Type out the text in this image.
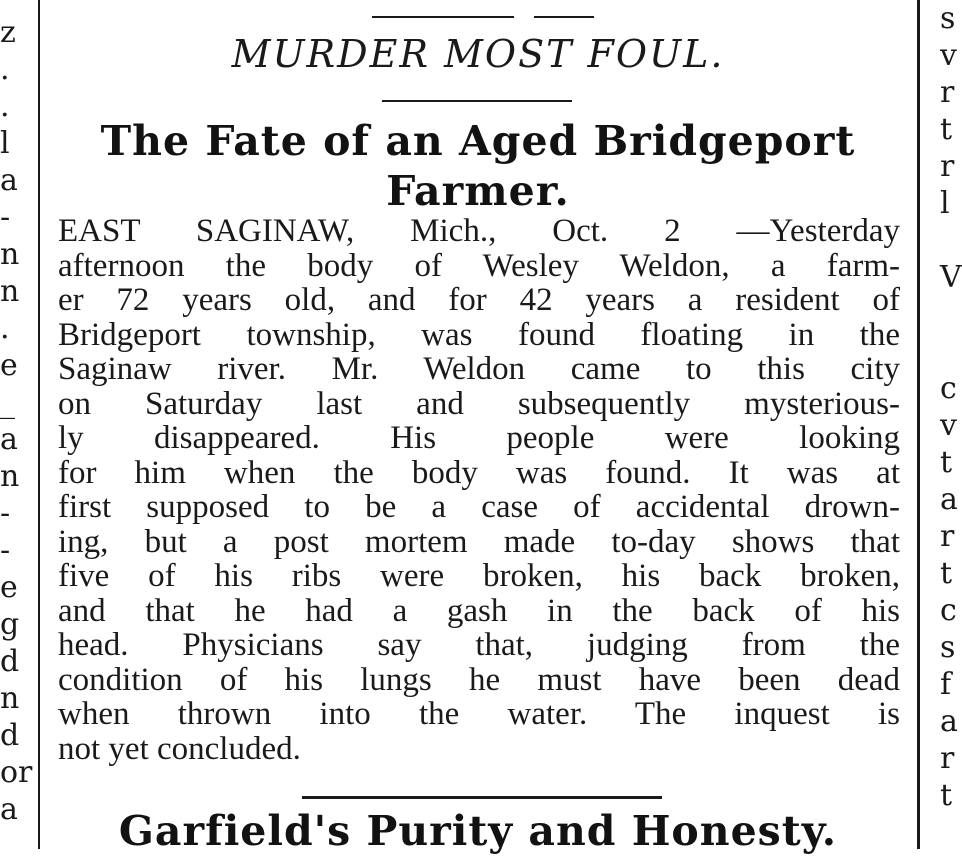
z
.
.
l
a
-
n
n
.
e
_
a
n
-
-
e
g
d
n
d
or
a
MURDER MOST FOUL.
The Fate of an Aged Bridgeport Farmer.
EAST SAGINAW, Mich., Oct. 2 —Yesterday
afternoon the body of Wesley Weldon, a farm-
er 72 years old, and for 42 years a resident of
Bridgeport township, was found floating in the
Saginaw river. Mr. Weldon came to this city
on Saturday last and subsequently mysterious-
ly disappeared. His people were looking
for him when the body was found. It was at
first supposed to be a case of accidental drown-
ing, but a post mortem made to-day shows that
five of his ribs were broken, his back broken,
and that he had a gash in the back of his
head. Physicians say that, judging from the
condition of his lungs he must have been dead
when thrown into the water. The inquest is
not yet concluded.
Garfield's Purity and Honesty.
s
v
r
t
r
l
V
c
v
t
a
r
t
c
s
f
a
r
t
